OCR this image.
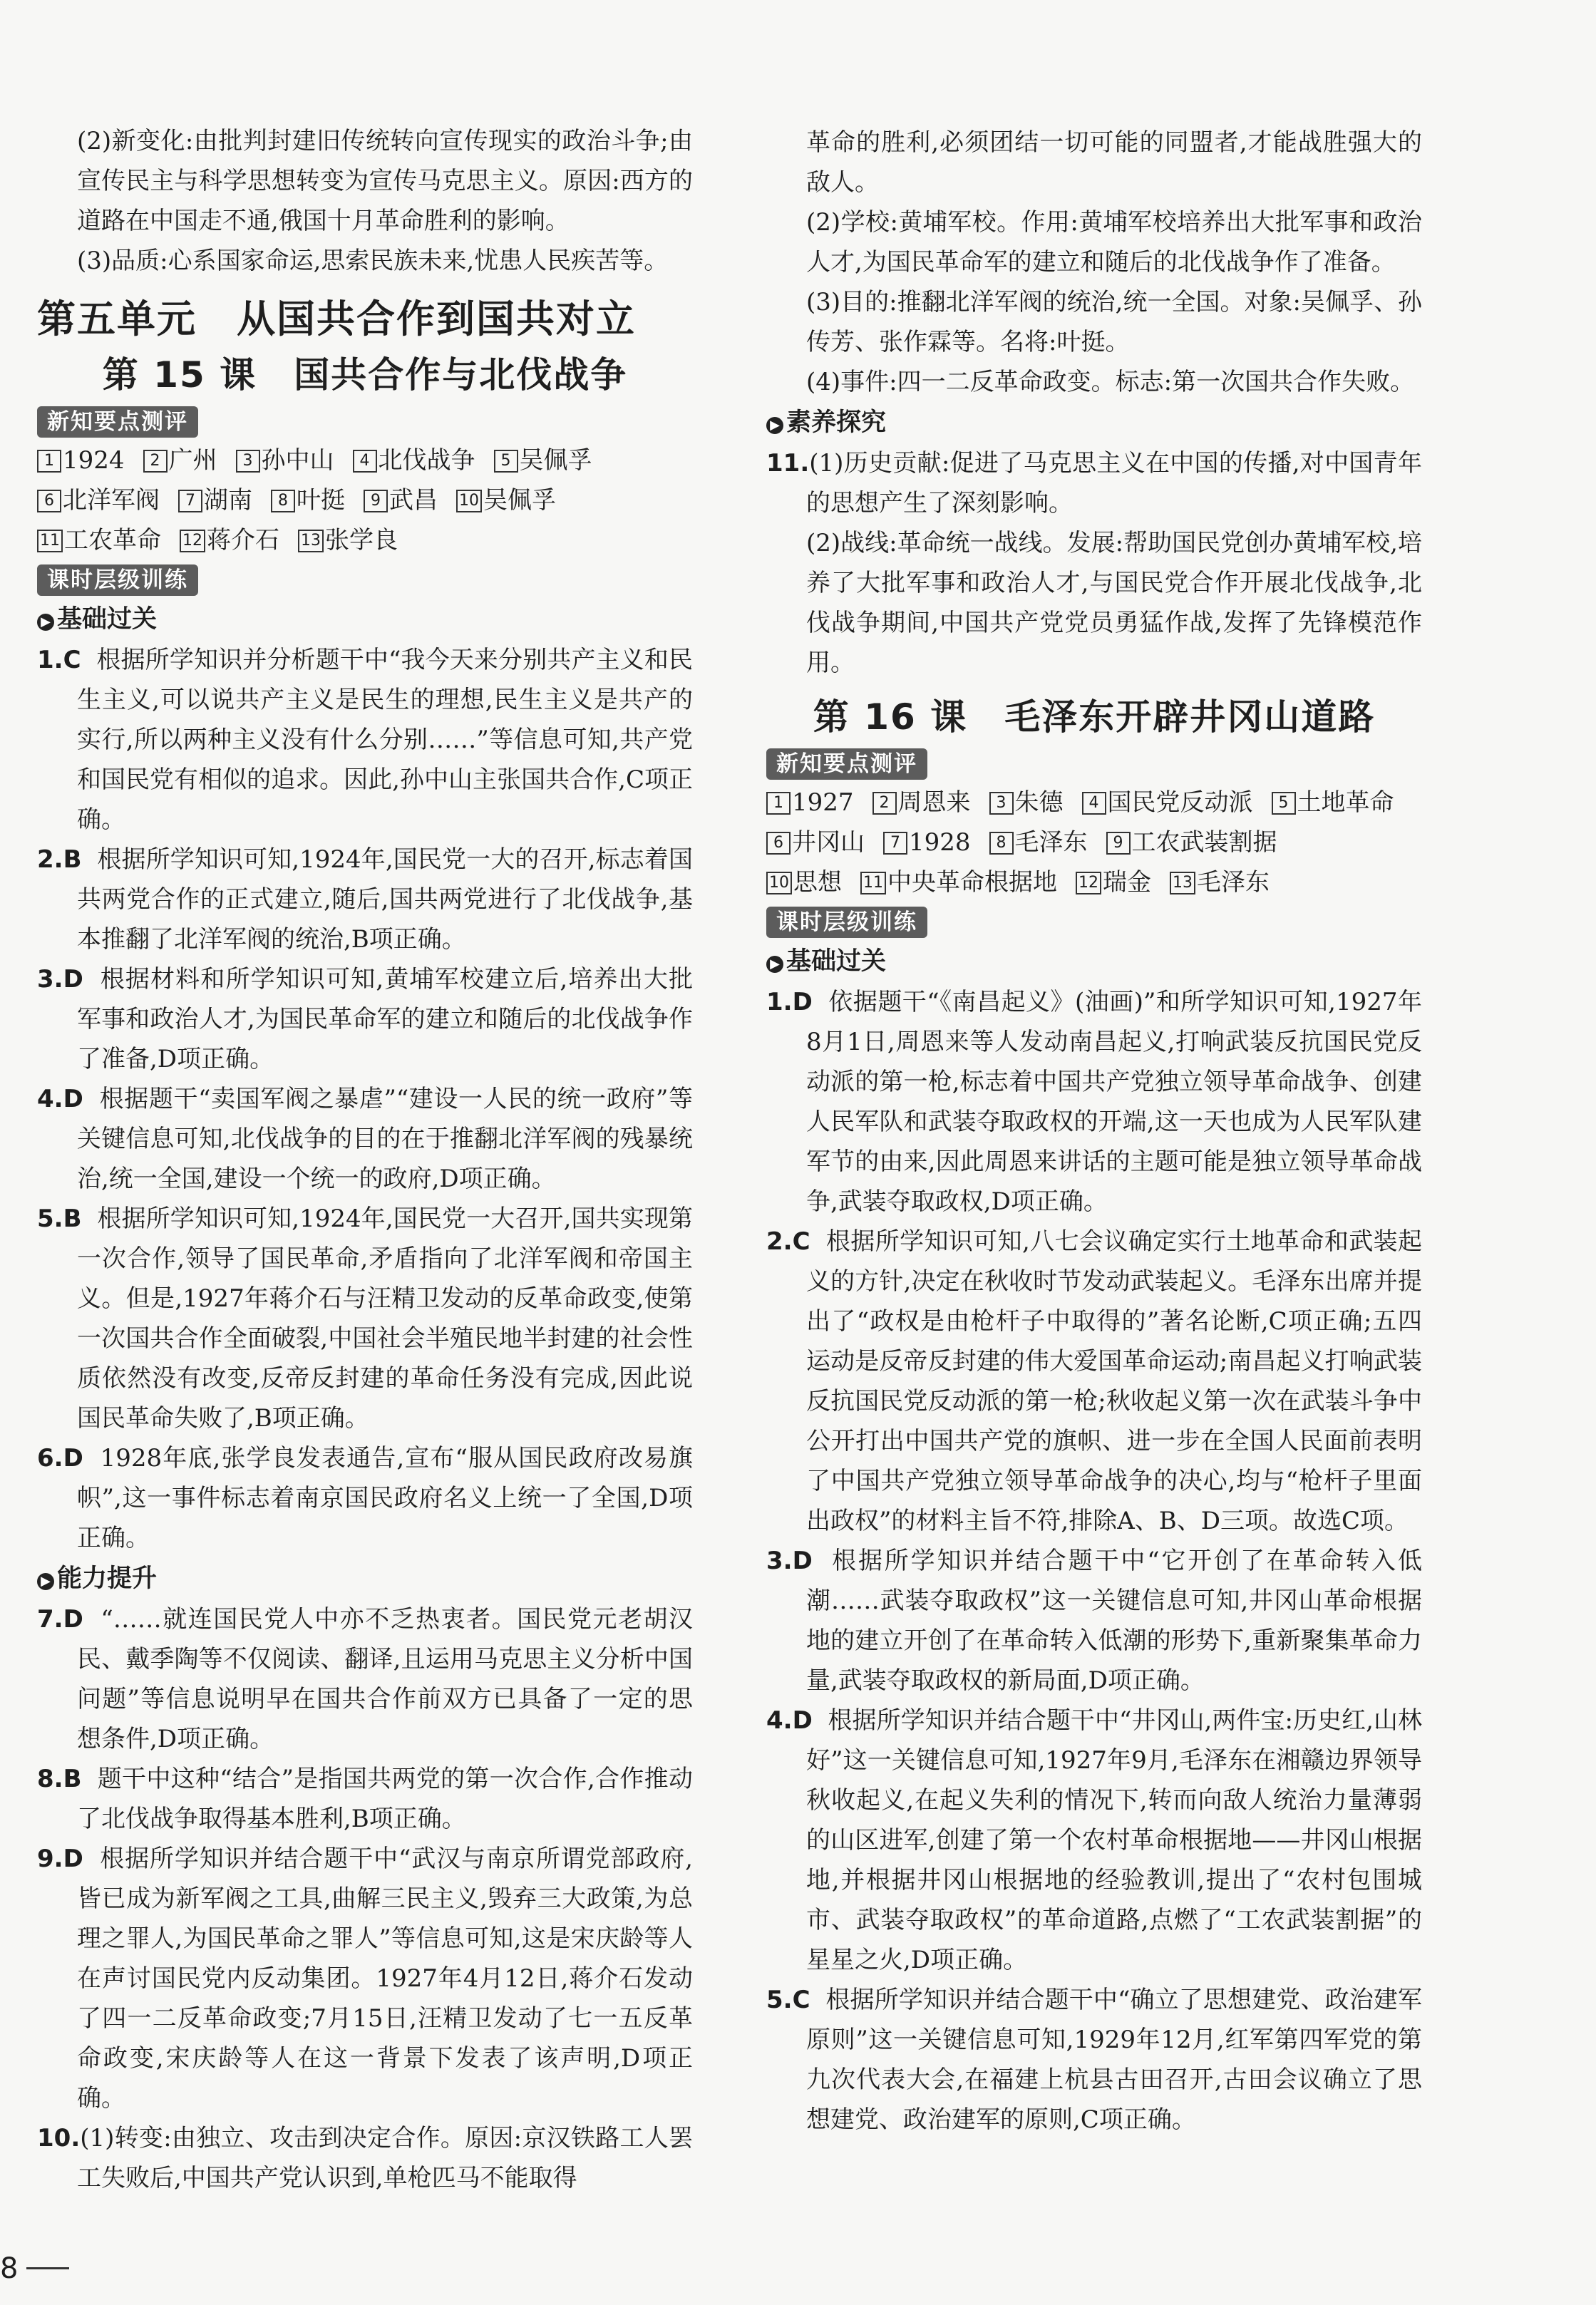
(2)新变化:由批判封建旧传统转向宣传现实的政治斗争;由宣传民主与科学思想转变为宣传马克思主义。原因:西方的道路在中国走不通,俄国十月革命胜利的影响。

(3)品质:心系国家命运,思索民族未来,忧患人民疾苦等。

第五单元 从国共合作到国共对立
第 15 课 国共合作与北伐战争
新知要点测评
1 1924 2 广州 3 孙中山 4 北伐战争 5 吴佩孚
6 北洋军阀 7 湖南 8 叶挺 9 武昌 10 吴佩孚
11 工农革命 12 蒋介石 13 张学良
课时层级训练
▶ 基础过关

1.C 根据所学知识并分析题干中“我今天来分别共产主义和民生主义,可以说共产主义是民生的理想,民生主义是共产的实行,所以两种主义没有什么分别……”等信息可知,共产党和国民党有相似的追求。因此,孙中山主张国共合作,C项正确。

2.B 根据所学知识可知,1924年,国民党一大的召开,标志着国共两党合作的正式建立,随后,国共两党进行了北伐战争,基本推翻了北洋军阀的统治,B项正确。

3.D 根据材料和所学知识可知,黄埔军校建立后,培养出大批军事和政治人才,为国民革命军的建立和随后的北伐战争作了准备,D项正确。

4.D 根据题干“卖国军阀之暴虐”“建设一人民的统一政府”等关键信息可知,北伐战争的目的在于推翻北洋军阀的残暴统治,统一全国,建设一个统一的政府,D项正确。

5.B 根据所学知识可知,1924年,国民党一大召开,国共实现第一次合作,领导了国民革命,矛盾指向了北洋军阀和帝国主义。但是,1927年蒋介石与汪精卫发动的反革命政变,使第一次国共合作全面破裂,中国社会半殖民地半封建的社会性质依然没有改变,反帝反封建的革命任务没有完成,因此说国民革命失败了,B项正确。

6.D 1928年底,张学良发表通告,宣布“服从国民政府改易旗帜”,这一事件标志着南京国民政府名义上统一了全国,D项正确。

▶ 能力提升

7.D “……就连国民党人中亦不乏热衷者。国民党元老胡汉民、戴季陶等不仅阅读、翻译,且运用马克思主义分析中国问题”等信息说明早在国共合作前双方已具备了一定的思想条件,D项正确。

8.B 题干中这种“结合”是指国共两党的第一次合作,合作推动了北伐战争取得基本胜利,B项正确。

9.D 根据所学知识并结合题干中“武汉与南京所谓党部政府,皆已成为新军阀之工具,曲解三民主义,毁弃三大政策,为总理之罪人,为国民革命之罪人”等信息可知,这是宋庆龄等人在声讨国民党内反动集团。1927年4月12日,蒋介石发动了四一二反革命政变;7月15日,汪精卫发动了七一五反革命政变,宋庆龄等人在这一背景下发表了该声明,D项正确。

10.(1)转变:由独立、攻击到决定合作。原因:京汉铁路工人罢工失败后,中国共产党认识到,单枪匹马不能取得

革命的胜利,必须团结一切可能的同盟者,才能战胜强大的敌人。

(2)学校:黄埔军校。作用:黄埔军校培养出大批军事和政治人才,为国民革命军的建立和随后的北伐战争作了准备。

(3)目的:推翻北洋军阀的统治,统一全国。对象:吴佩孚、孙传芳、张作霖等。名将:叶挺。

(4)事件:四一二反革命政变。标志:第一次国共合作失败。

▶ 素养探究

11.(1)历史贡献:促进了马克思主义在中国的传播,对中国青年的思想产生了深刻影响。

(2)战线:革命统一战线。发展:帮助国民党创办黄埔军校,培养了大批军事和政治人才,与国民党合作开展北伐战争,北伐战争期间,中国共产党党员勇猛作战,发挥了先锋模范作用。

第 16 课 毛泽东开辟井冈山道路
新知要点测评
1 1927 2 周恩来 3 朱德 4 国民党反动派 5 土地革命
6 井冈山 7 1928 8 毛泽东 9 工农武装割据
10 思想 11 中央革命根据地 12 瑞金 13 毛泽东
课时层级训练
▶ 基础过关

1.D 依据题干“《南昌起义》(油画)”和所学知识可知,1927年8月1日,周恩来等人发动南昌起义,打响武装反抗国民党反动派的第一枪,标志着中国共产党独立领导革命战争、创建人民军队和武装夺取政权的开端,这一天也成为人民军队建军节的由来,因此周恩来讲话的主题可能是独立领导革命战争,武装夺取政权,D项正确。

2.C 根据所学知识可知,八七会议确定实行土地革命和武装起义的方针,决定在秋收时节发动武装起义。毛泽东出席并提出了“政权是由枪杆子中取得的”著名论断,C项正确;五四运动是反帝反封建的伟大爱国革命运动;南昌起义打响武装反抗国民党反动派的第一枪;秋收起义第一次在武装斗争中公开打出中国共产党的旗帜、进一步在全国人民面前表明了中国共产党独立领导革命战争的决心,均与“枪杆子里面出政权”的材料主旨不符,排除A、B、D三项。故选C项。

3.D 根据所学知识并结合题干中“它开创了在革命转入低潮……武装夺取政权”这一关键信息可知,井冈山革命根据地的建立开创了在革命转入低潮的形势下,重新聚集革命力量,武装夺取政权的新局面,D项正确。

4.D 根据所学知识并结合题干中“井冈山,两件宝:历史红,山林好”这一关键信息可知,1927年9月,毛泽东在湘赣边界领导秋收起义,在起义失利的情况下,转而向敌人统治力量薄弱的山区进军,创建了第一个农村革命根据地——井冈山根据地,并根据井冈山根据地的经验教训,提出了“农村包围城市、武装夺取政权”的革命道路,点燃了“工农武装割据”的星星之火,D项正确。

5.C 根据所学知识并结合题干中“确立了思想建党、政治建军原则”这一关键信息可知,1929年12月,红军第四军党的第九次代表大会,在福建上杭县古田召开,古田会议确立了思想建党、政治建军的原则,C项正确。

8
